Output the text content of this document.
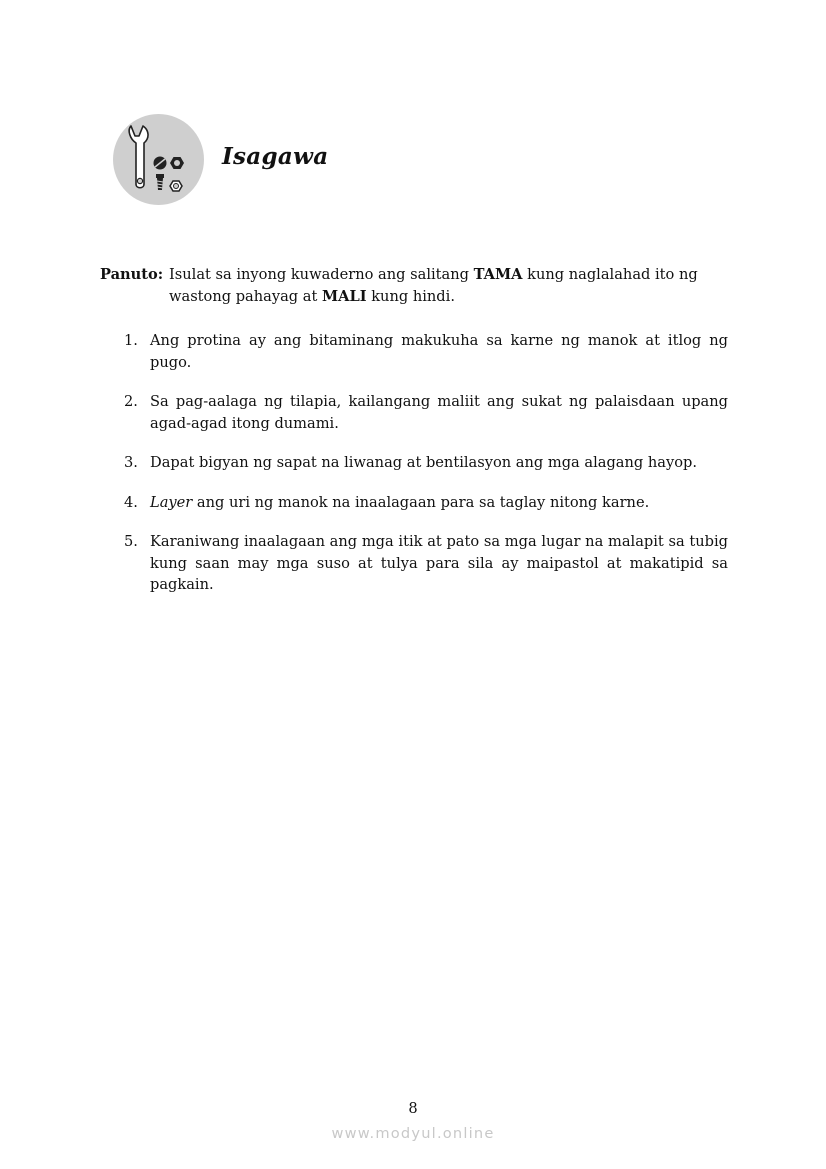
Isagawa
Panuto: Isulat sa inyong kuwaderno ang salitang TAMA kung naglalahad ito ng
wastong pahayag at MALI kung hindi.
1. Ang protina ay ang bitaminang makukuha sa karne ng manok at itlog ng pugo.
2. Sa pag-aalaga ng tilapia, kailangang maliit ang sukat ng palaisdaan upang agad-agad itong dumami.
3. Dapat bigyan ng sapat na liwanag at bentilasyon ang mga alagang hayop.
4. Layer ang uri ng manok na inaalagaan para sa taglay nitong karne.
5. Karaniwang inaalagaan ang mga itik at pato sa mga lugar na malapit sa tubig kung saan may mga suso at tulya para sila ay maipastol at makatipid sa pagkain.
8
www.modyul.online
